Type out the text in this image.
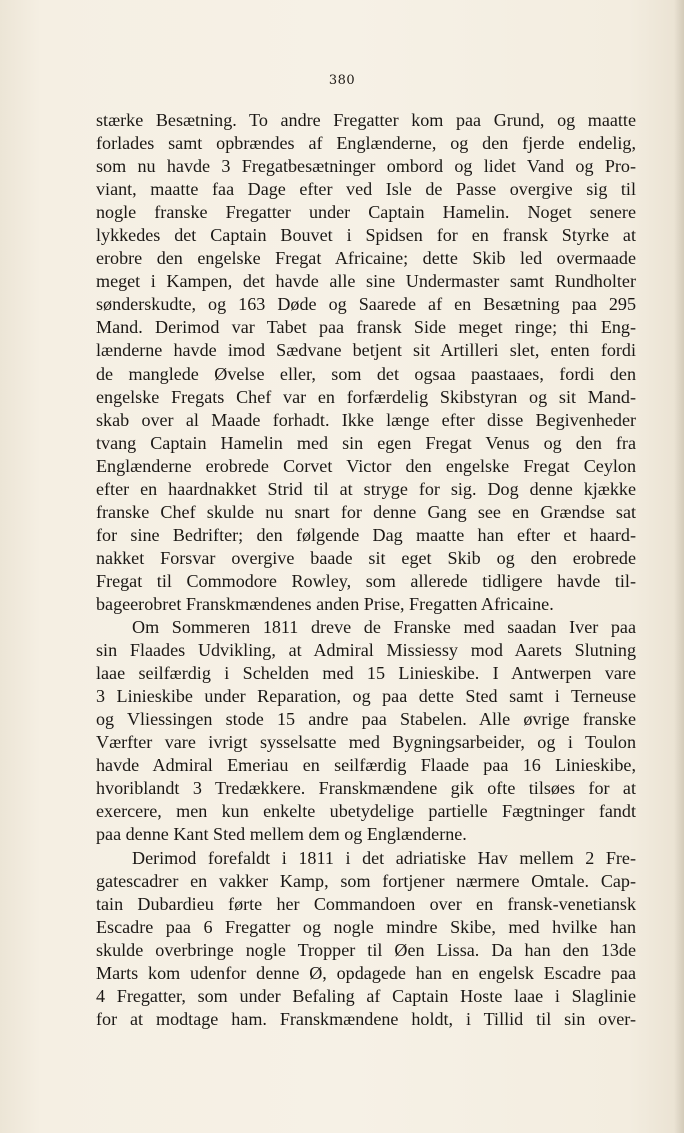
380
stærke Besætning. To andre Fregatter kom paa Grund, og maatte
forlades samt opbrændes af Englænderne, og den fjerde endelig,
som nu havde 3 Fregatbesætninger ombord og lidet Vand og Pro-
viant, maatte faa Dage efter ved Isle de Passe overgive sig til
nogle franske Fregatter under Captain Hamelin. Noget senere
lykkedes det Captain Bouvet i Spidsen for en fransk Styrke at
erobre den engelske Fregat Africaine; dette Skib led overmaade
meget i Kampen, det havde alle sine Undermaster samt Rundholter
sønderskudte, og 163 Døde og Saarede af en Besætning paa 295
Mand. Derimod var Tabet paa fransk Side meget ringe; thi Eng-
lænderne havde imod Sædvane betjent sit Artilleri slet, enten fordi
de manglede Øvelse eller, som det ogsaa paastaaes, fordi den
engelske Fregats Chef var en forfærdelig Skibstyran og sit Mand-
skab over al Maade forhadt. Ikke længe efter disse Begivenheder
tvang Captain Hamelin med sin egen Fregat Venus og den fra
Englænderne erobrede Corvet Victor den engelske Fregat Ceylon
efter en haardnakket Strid til at stryge for sig. Dog denne kjække
franske Chef skulde nu snart for denne Gang see en Grændse sat
for sine Bedrifter; den følgende Dag maatte han efter et haard-
nakket Forsvar overgive baade sit eget Skib og den erobrede
Fregat til Commodore Rowley, som allerede tidligere havde til-
bageerobret Franskmændenes anden Prise, Fregatten Africaine.
Om Sommeren 1811 dreve de Franske med saadan Iver paa
sin Flaades Udvikling, at Admiral Missiessy mod Aarets Slutning
laae seilfærdig i Schelden med 15 Linieskibe. I Antwerpen vare
3 Linieskibe under Reparation, og paa dette Sted samt i Terneuse
og Vliessingen stode 15 andre paa Stabelen. Alle øvrige franske
Værfter vare ivrigt sysselsatte med Bygningsarbeider, og i Toulon
havde Admiral Emeriau en seilfærdig Flaade paa 16 Linieskibe,
hvoriblandt 3 Tredækkere. Franskmændene gik ofte tilsøes for at
exercere, men kun enkelte ubetydelige partielle Fægtninger fandt
paa denne Kant Sted mellem dem og Englænderne.
Derimod forefaldt i 1811 i det adriatiske Hav mellem 2 Fre-
gatescadrer en vakker Kamp, som fortjener nærmere Omtale. Cap-
tain Dubardieu førte her Commandoen over en fransk-venetiansk
Escadre paa 6 Fregatter og nogle mindre Skibe, med hvilke han
skulde overbringe nogle Tropper til Øen Lissa. Da han den 13de
Marts kom udenfor denne Ø, opdagede han en engelsk Escadre paa
4 Fregatter, som under Befaling af Captain Hoste laae i Slaglinie
for at modtage ham. Franskmændene holdt, i Tillid til sin over-
